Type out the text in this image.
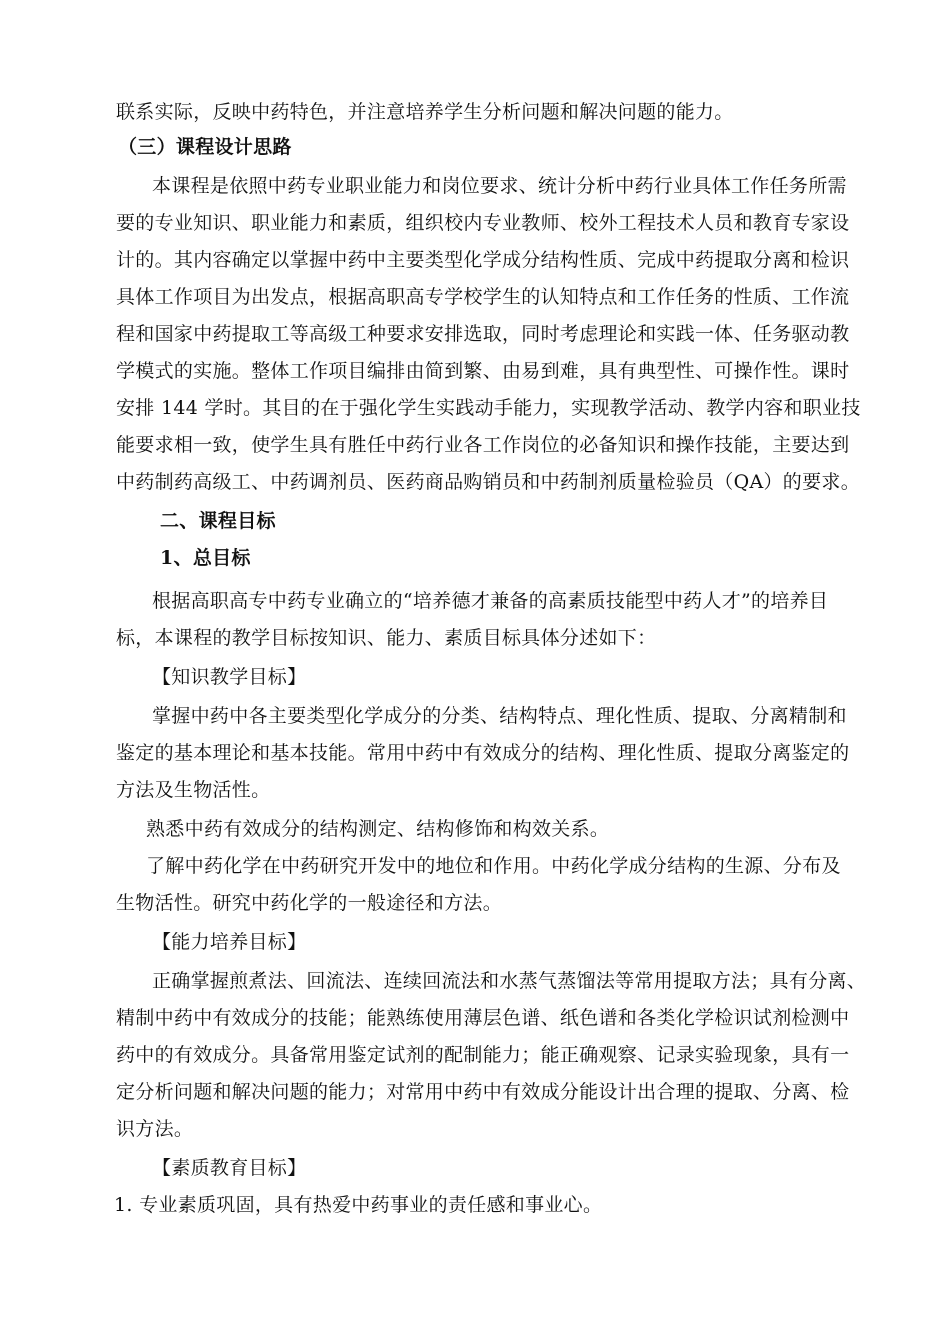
联系实际，反映中药特色，并注意培养学生分析问题和解决问题的能力。
（三）课程设计思路
本课程是依照中药专业职业能力和岗位要求、统计分析中药行业具体工作任务所需
要的专业知识、职业能力和素质，组织校内专业教师、校外工程技术人员和教育专家设
计的。其内容确定以掌握中药中主要类型化学成分结构性质、完成中药提取分离和检识
具体工作项目为出发点，根据高职高专学校学生的认知特点和工作任务的性质、工作流
程和国家中药提取工等高级工种要求安排选取，同时考虑理论和实践一体、任务驱动教
学模式的实施。整体工作项目编排由简到繁、由易到难，具有典型性、可操作性。课时
安排 144 学时。其目的在于强化学生实践动手能力，实现教学活动、教学内容和职业技
能要求相一致，使学生具有胜任中药行业各工作岗位的必备知识和操作技能，主要达到
中药制药高级工、中药调剂员、医药商品购销员和中药制剂质量检验员（QA）的要求。
二、课程目标
1、总目标
根据高职高专中药专业确立的“培养德才兼备的高素质技能型中药人才”的培养目
标，本课程的教学目标按知识、能力、素质目标具体分述如下：
【知识教学目标】
掌握中药中各主要类型化学成分的分类、结构特点、理化性质、提取、分离精制和
鉴定的基本理论和基本技能。常用中药中有效成分的结构、理化性质、提取分离鉴定的
方法及生物活性。
熟悉中药有效成分的结构测定、结构修饰和构效关系。
了解中药化学在中药研究开发中的地位和作用。中药化学成分结构的生源、分布及
生物活性。研究中药化学的一般途径和方法。
【能力培养目标】
正确掌握煎煮法、回流法、连续回流法和水蒸气蒸馏法等常用提取方法；具有分离、
精制中药中有效成分的技能；能熟练使用薄层色谱、纸色谱和各类化学检识试剂检测中
药中的有效成分。具备常用鉴定试剂的配制能力；能正确观察、记录实验现象，具有一
定分析问题和解决问题的能力；对常用中药中有效成分能设计出合理的提取、分离、检
识方法。
【素质教育目标】
1. 专业素质巩固，具有热爱中药事业的责任感和事业心。
